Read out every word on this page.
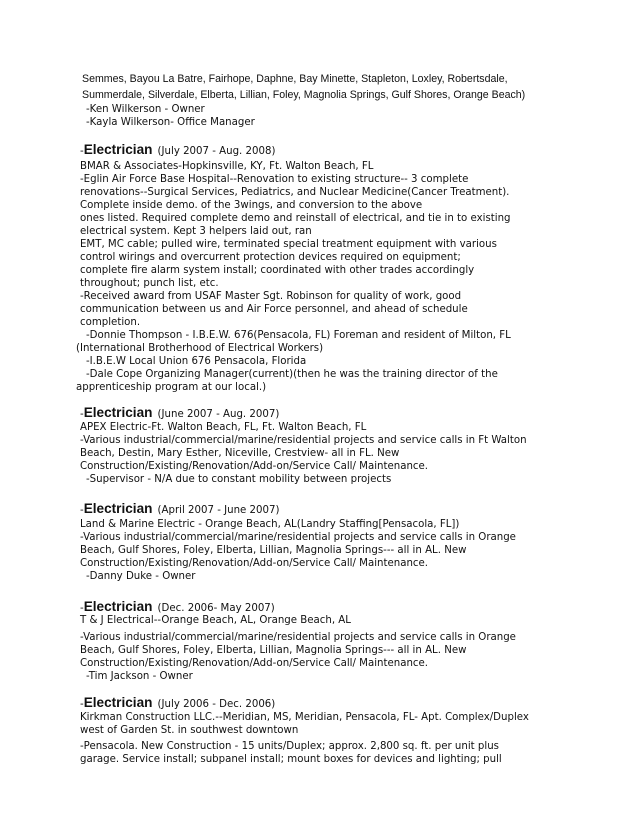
Semmes, Bayou La Batre, Fairhope, Daphne, Bay Minette, Stapleton, Loxley, Robertsdale,
Summerdale, Silverdale, Elberta, Lillian, Foley, Magnolia Springs, Gulf Shores, Orange Beach)
-Ken Wilkerson - Owner
-Kayla Wilkerson- Office Manager
-Electrician (July 2007 - Aug. 2008)
BMAR & Associates-Hopkinsville, KY, Ft. Walton Beach, FL
-Eglin Air Force Base Hospital--Renovation to existing structure-- 3 complete
renovations--Surgical Services, Pediatrics, and Nuclear Medicine(Cancer Treatment).
Complete inside demo. of the 3wings, and conversion to the above
ones listed. Required complete demo and reinstall of electrical, and tie in to existing
electrical system. Kept 3 helpers laid out, ran
EMT, MC cable; pulled wire, terminated special treatment equipment with various
control wirings and overcurrent protection devices required on equipment;
complete fire alarm system install; coordinated with other trades accordingly
throughout; punch list, etc.
-Received award from USAF Master Sgt. Robinson for quality of work, good
communication between us and Air Force personnel, and ahead of schedule
completion.
-Donnie Thompson - I.B.E.W. 676(Pensacola, FL) Foreman and resident of Milton, FL
(International Brotherhood of Electrical Workers)
-I.B.E.W Local Union 676 Pensacola, Florida
-Dale Cope Organizing Manager(current)(then he was the training director of the
apprenticeship program at our local.)
-Electrician (June 2007 - Aug. 2007)
APEX Electric-Ft. Walton Beach, FL, Ft. Walton Beach, FL
-Various industrial/commercial/marine/residential projects and service calls in Ft Walton
Beach, Destin, Mary Esther, Niceville, Crestview- all in FL. New
Construction/Existing/Renovation/Add-on/Service Call/ Maintenance.
-Supervisor - N/A due to constant mobility between projects
-Electrician (April 2007 - June 2007)
Land & Marine Electric - Orange Beach, AL(Landry Staffing[Pensacola, FL])
-Various industrial/commercial/marine/residential projects and service calls in Orange
Beach, Gulf Shores, Foley, Elberta, Lillian, Magnolia Springs--- all in AL. New
Construction/Existing/Renovation/Add-on/Service Call/ Maintenance.
-Danny Duke - Owner
-Electrician (Dec. 2006- May 2007)
T & J Electrical--Orange Beach, AL, Orange Beach, AL
-Various industrial/commercial/marine/residential projects and service calls in Orange
Beach, Gulf Shores, Foley, Elberta, Lillian, Magnolia Springs--- all in AL. New
Construction/Existing/Renovation/Add-on/Service Call/ Maintenance.
-Tim Jackson - Owner
-Electrician (July 2006 - Dec. 2006)
Kirkman Construction LLC.--Meridian, MS, Meridian, Pensacola, FL- Apt. Complex/Duplex
west of Garden St. in southwest downtown
-Pensacola. New Construction - 15 units/Duplex; approx. 2,800 sq. ft. per unit plus
garage. Service install; subpanel install; mount boxes for devices and lighting; pull
